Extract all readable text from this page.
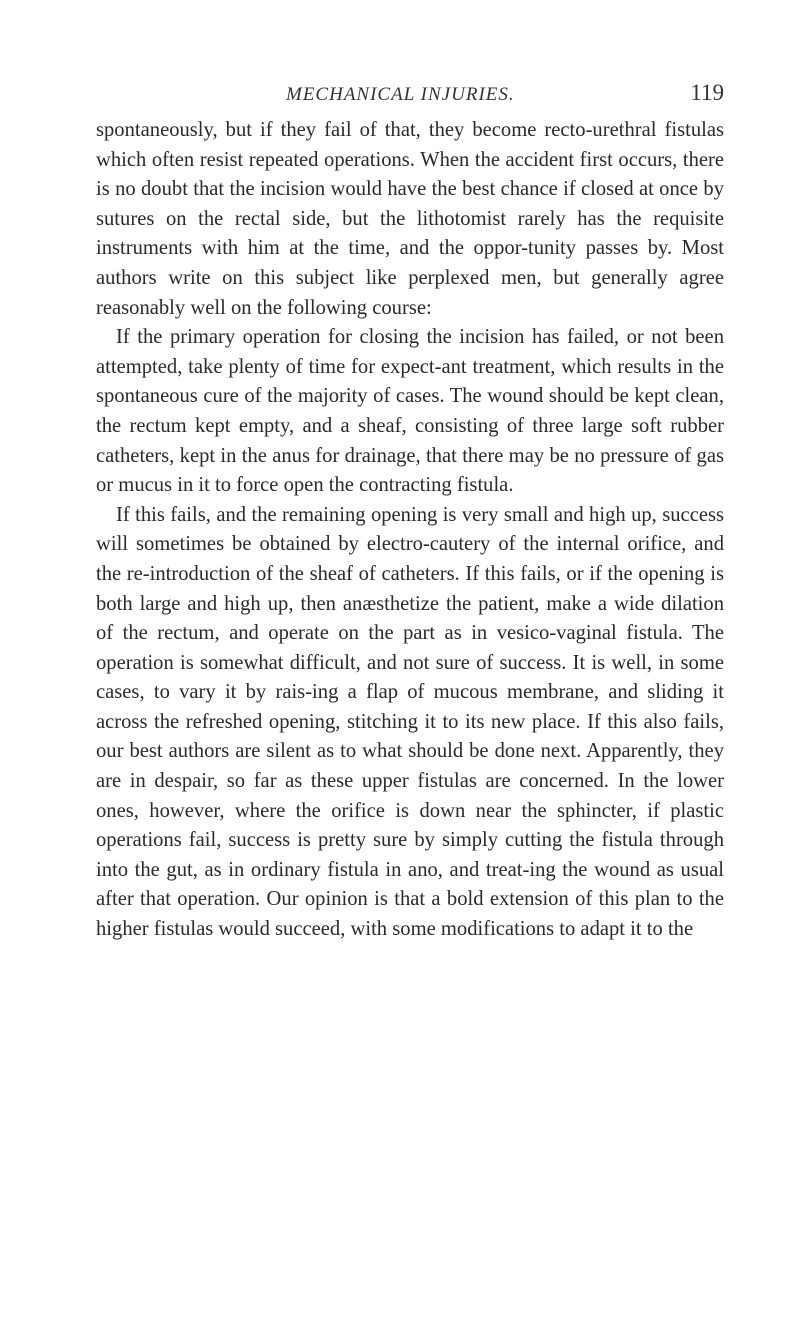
MECHANICAL INJURIES.	119

spontaneously, but if they fail of that, they become recto-urethral fistulas which often resist repeated operations. When the accident first occurs, there is no doubt that the incision would have the best chance if closed at once by sutures on the rectal side, but the lithotomist rarely has the requisite instruments with him at the time, and the oppor-tunity passes by. Most authors write on this subject like perplexed men, but generally agree reasonably well on the following course:

If the primary operation for closing the incision has failed, or not been attempted, take plenty of time for expect-ant treatment, which results in the spontaneous cure of the majority of cases. The wound should be kept clean, the rectum kept empty, and a sheaf, consisting of three large soft rubber catheters, kept in the anus for drainage, that there may be no pressure of gas or mucus in it to force open the contracting fistula.

If this fails, and the remaining opening is very small and high up, success will sometimes be obtained by electro-cautery of the internal orifice, and the re-introduction of the sheaf of catheters. If this fails, or if the opening is both large and high up, then anæsthetize the patient, make a wide dilation of the rectum, and operate on the part as in vesico-vaginal fistula. The operation is somewhat difficult, and not sure of success. It is well, in some cases, to vary it by rais-ing a flap of mucous membrane, and sliding it across the refreshed opening, stitching it to its new place. If this also fails, our best authors are silent as to what should be done next. Apparently, they are in despair, so far as these upper fistulas are concerned. In the lower ones, however, where the orifice is down near the sphincter, if plastic operations fail, success is pretty sure by simply cutting the fistula through into the gut, as in ordinary fistula in ano, and treat-ing the wound as usual after that operation. Our opinion is that a bold extension of this plan to the higher fistulas would succeed, with some modifications to adapt it to the
